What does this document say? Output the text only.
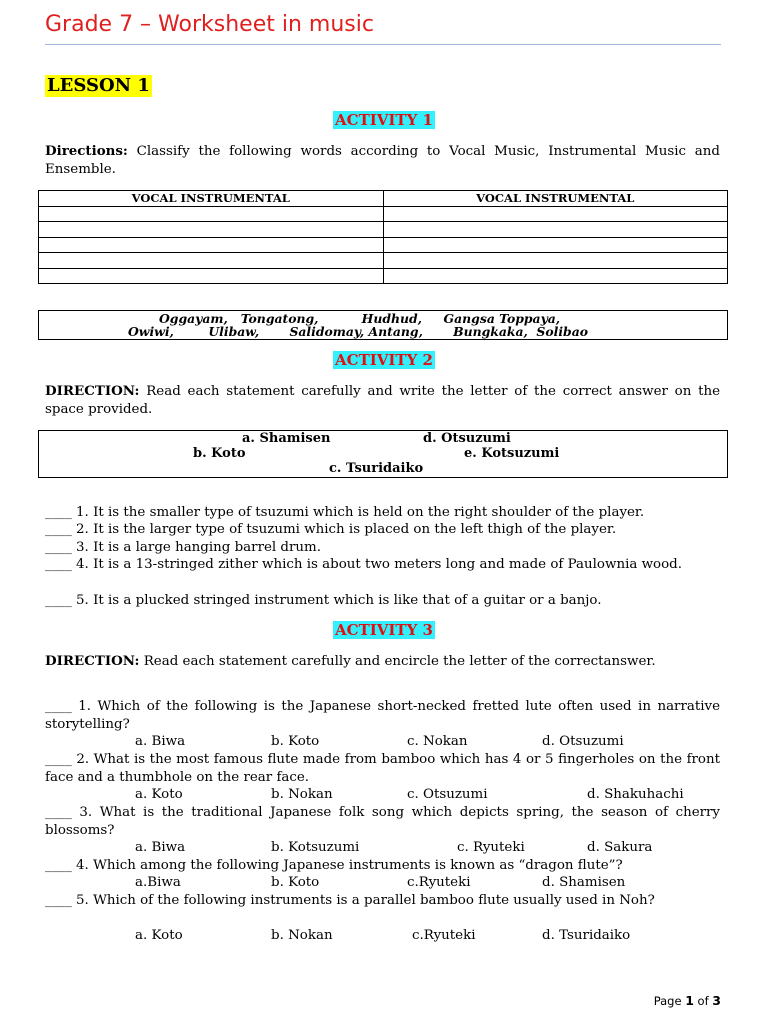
Grade 7 – Worksheet in music
LESSON 1
ACTIVITY 1
Directions: Classify the following words according to Vocal Music, Instrumental Music and Ensemble.
VOCAL INSTRUMENTAL	VOCAL INSTRUMENTAL

Oggayam,   Tongatong,          Hudhud,     Gangsa Toppaya,
Owiwi,        Ulibaw,       Salidomay, Antang,       Bungkaka,  Solibao
ACTIVITY 2
DIRECTION: Read each statement carefully and write the letter of the correct answer on the space provided.
a. Shamisen	d. Otsuzumi
b. Koto	e. Kotsuzumi
c. Tsuridaiko
____ 1. It is the smaller type of tsuzumi which is held on the right shoulder of the player.
____ 2. It is the larger type of tsuzumi which is placed on the left thigh of the player.
____ 3. It is a large hanging barrel drum.
____ 4. It is a 13-stringed zither which is about two meters long and made of Paulownia wood.
____ 5. It is a plucked stringed instrument which is like that of a guitar or a banjo.
ACTIVITY 3
DIRECTION: Read each statement carefully and encircle the letter of the correctanswer.
____ 1. Which of the following is the Japanese short-necked fretted lute often used in narrative storytelling?
a. Biwa	b. Koto	c. Nokan	d. Otsuzumi
____ 2. What is the most famous flute made from bamboo which has 4 or 5 fingerholes on the front face and a thumbhole on the rear face.
a. Koto	b. Nokan	c. Otsuzumi	d. Shakuhachi
____ 3. What is the traditional Japanese folk song which depicts spring, the season of cherry blossoms?
a. Biwa	b. Kotsuzumi	c. Ryuteki	d. Sakura
____ 4. Which among the following Japanese instruments is known as “dragon flute”?
a.Biwa	b. Koto	c.Ryuteki	d. Shamisen
____ 5. Which of the following instruments is a parallel bamboo flute usually used in Noh?
a. Koto	b. Nokan	c.Ryuteki	d. Tsuridaiko
Page 1 of 3
